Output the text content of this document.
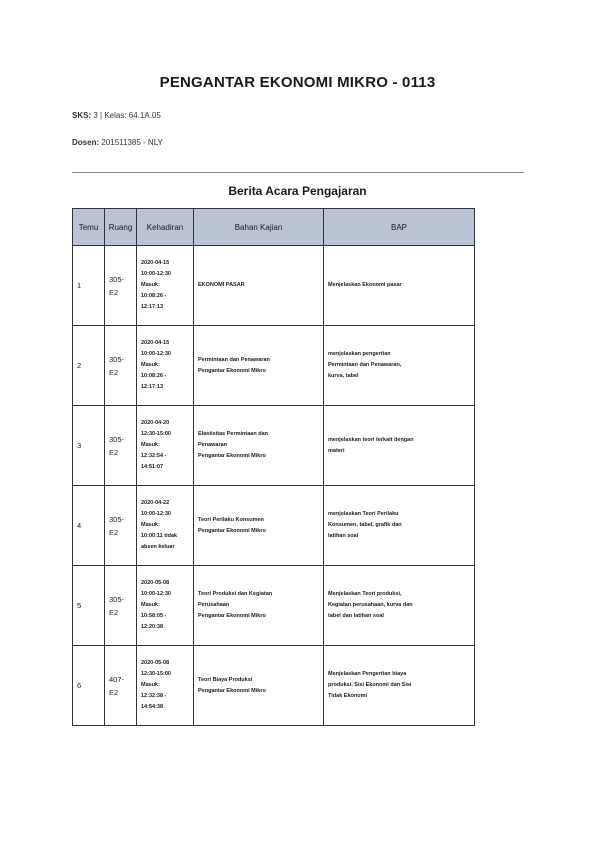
PENGANTAR EKONOMI MIKRO - 0113
SKS: 3 | Kelas: 64.1A.05
Dosen: 201511385 - NLY
Berita Acara Pengajaran
Temu	Ruang	Kehadiran	Bahan Kajian	BAP
1	305-
E2	2020-04-15
10:00-12:30
Masuk:
10:08:26 -
12:17:13	EKONOMI PASAR	Menjelaskan Ekonomi pasar

2	305-
E2	2020-04-15
10:00-12:30
Masuk:
10:08:26 -
12:17:13	Permintaan dan Penawaran
Pengantar Ekonomi Mikro	menjelaskan pengertian
Permintaan dan Penawaran,
kurva, tabel

3	305-
E2	2020-04-20
12:30-15:00
Masuk:
12:32:54 -
14:51:07	Elastisitas Permintaan dan
Penawaran
Pengantar Ekonomi Mikro	menjelaskan teori terkait dengan
materi

4	305-
E2	2020-04-22
10:00-12:30
Masuk:
10:00:11 tidak
absen keluar	Teori Perilaku Konsumen
Pengantar Ekonomi Mikro	menjelaskan Teori Perilaku
Konsumen, tabel, grafik dan
latihan soal

5	305-
E2	2020-05-08
10:00-12:30
Masuk:
10:58:05 -
12:20:38	Teori Produksi dan Kegiatan
Perusahaan
Pengantar Ekonomi Mikro	Menjelaskan Teori produksi,
Kegiatan perusahaan, kurva dan
tabel dan latihan soal

6	407-
E2	2020-05-08
12:30-15:00
Masuk:
12:32:38 -
14:54:38	Teori Biaya Produksi
Pengantar Ekonomi Mikro	Menjelaskan Pengertian biaya
produksi, Sisi Ekonomi dan Sisi
Tidak Ekonomi
